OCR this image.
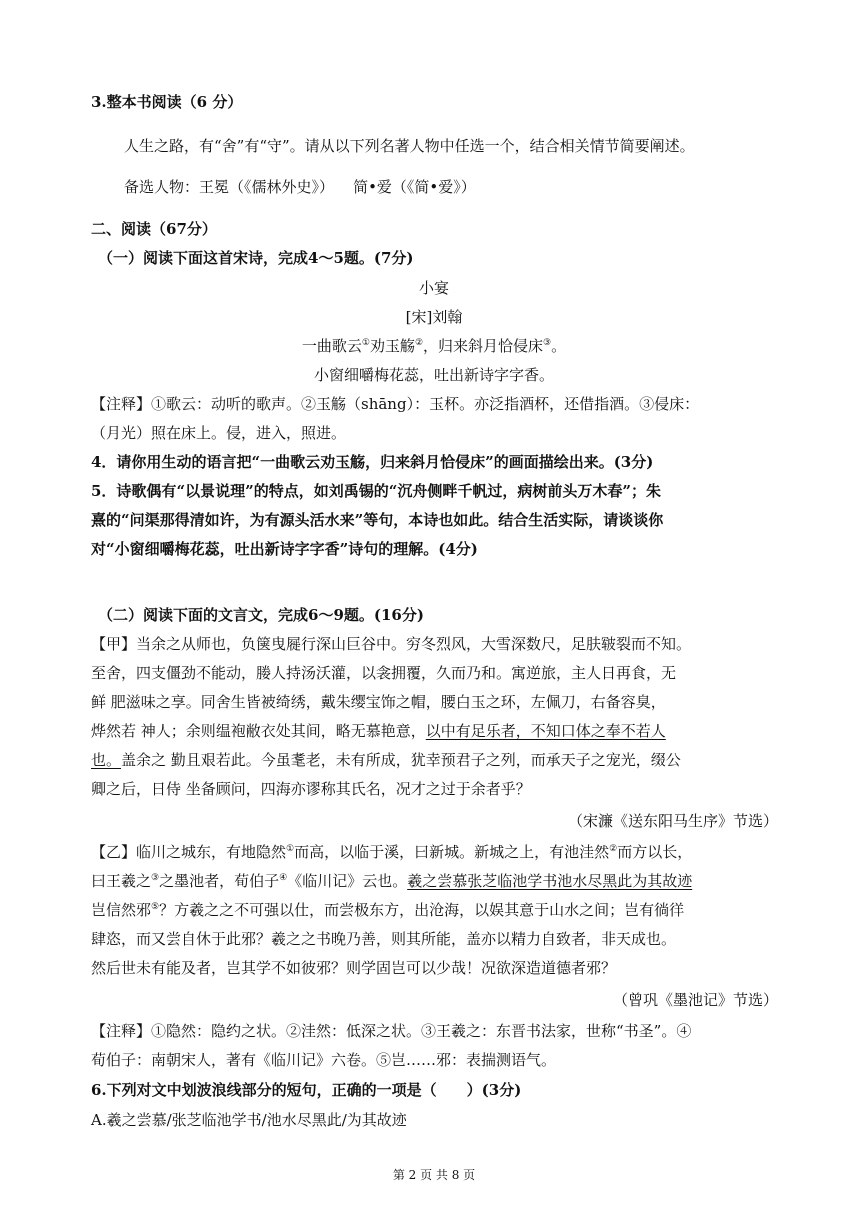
3.整本书阅读（6 分）
人生之路，有“舍”有“守”。请从以下列名著人物中任选一个，结合相关情节简要阐述。
备选人物：王冕（《儒林外史》）    简•爱（《简•爱》）
二、阅读（67分）
（一）阅读下面这首宋诗，完成4～5题。(7分)
小宴
[宋]刘翰
一曲歌云①劝玉觞②，归来斜月恰侵床③。
小窗细嚼梅花蕊，吐出新诗字字香。
【注释】①歌云：动听的歌声。②玉觞（shāng）：玉杯。亦泛指酒杯，还借指酒。③侵床：
（月光）照在床上。侵，进入，照进。
4．请你用生动的语言把“一曲歌云劝玉觞，归来斜月恰侵床”的画面描绘出来。(3分)
5．诗歌偶有“以景说理”的特点，如刘禹锡的“沉舟侧畔千帆过，病树前头万木春”；朱
熹的“问渠那得清如许，为有源头活水来”等句，本诗也如此。结合生活实际，请谈谈你
对“小窗细嚼梅花蕊，吐出新诗字字香”诗句的理解。(4分)
（二）阅读下面的文言文，完成6～9题。(16分)
【甲】当余之从师也，负箧曳屣行深山巨谷中。穷冬烈风，大雪深数尺，足肤皲裂而不知。
至舍，四支僵劲不能动，媵人持汤沃灌，以衾拥覆，久而乃和。寓逆旅，主人日再食，无
鲜 肥滋味之享。同舍生皆被绮绣，戴朱缨宝饰之帽，腰白玉之环，左佩刀，右备容臭，
烨然若 神人；余则缊袍敝衣处其间，略无慕艳意，以中有足乐者，不知口体之奉不若人
也。盖余之 勤且艰若此。今虽耄老，未有所成，犹幸预君子之列，而承天子之宠光，缀公
卿之后，日侍 坐备顾问，四海亦谬称其氏名，况才之过于余者乎？
（宋濂《送东阳马生序》节选）
【乙】临川之城东，有地隐然①而高，以临于溪，曰新城。新城之上，有池洼然②而方以长，
曰王羲之③之墨池者，荀伯子④《临川记》云也。羲之尝慕张芝临池学书池水尽黑此为其故迹
岂信然邪⑤？方羲之之不可强以仕，而尝极东方，出沧海，以娱其意于山水之间；岂有徜徉
肆恣，而又尝自休于此邪？羲之之书晚乃善，则其所能，盖亦以精力自致者，非天成也。
然后世未有能及者，岂其学不如彼邪？则学固岂可以少哉！况欲深造道德者邪？
（曾巩《墨池记》节选）
【注释】①隐然：隐约之状。②洼然：低深之状。③王羲之：东晋书法家，世称“书圣”。④
荀伯子：南朝宋人，著有《临川记》六卷。⑤岂……邪：表揣测语气。
6.下列对文中划波浪线部分的短句，正确的一项是（　　）(3分)
A.羲之尝慕/张芝临池学书/池水尽黑此/为其故迹
第 2 页 共 8 页
